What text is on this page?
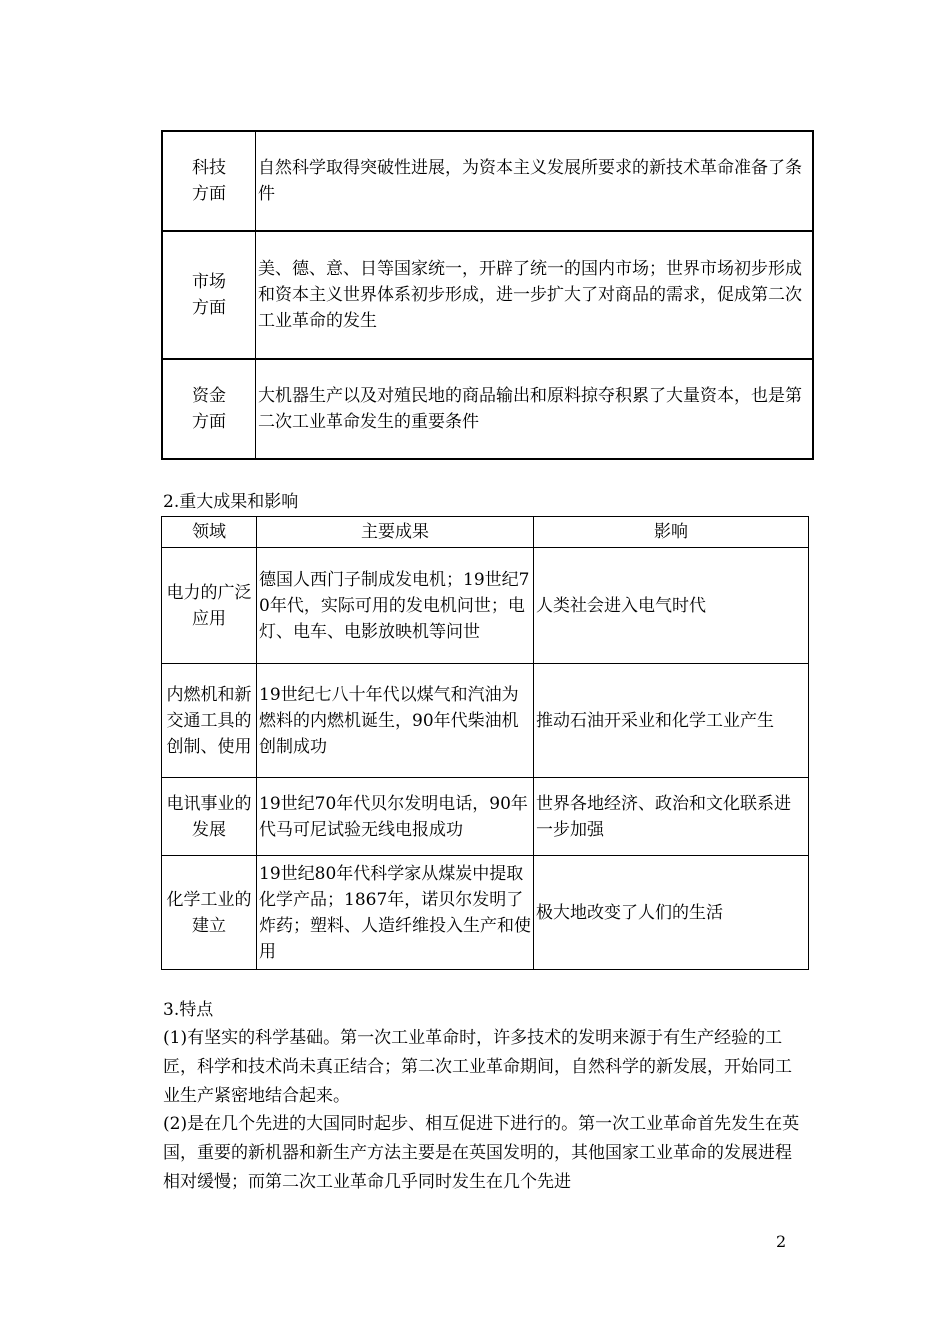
科技
方面	自然科学取得突破性进展，为资本主义发展所要求的新技术革命准备了条件
市场
方面	美、德、意、日等国家统一，开辟了统一的国内市场；世界市场初步形成和资本主义世界体系初步形成，进一步扩大了对商品的需求，促成第二次工业革命的发生
资金
方面	大机器生产以及对殖民地的商品输出和原料掠夺积累了大量资本，也是第二次工业革命发生的重要条件
2.重大成果和影响
领域	主要成果	影响
电力的广泛应用	德国人西门子制成发电机；19世纪70年代，实际可用的发电机问世；电灯、电车、电影放映机等问世	人类社会进入电气时代
内燃机和新交通工具的创制、使用	19世纪七八十年代以煤气和汽油为燃料的内燃机诞生，90年代柴油机创制成功	推动石油开采业和化学工业产生
电讯事业的发展	19世纪70年代贝尔发明电话，90年代马可尼试验无线电报成功	世界各地经济、政治和文化联系进一步加强
化学工业的建立	19世纪80年代科学家从煤炭中提取化学产品；1867年，诺贝尔发明了炸药；塑料、人造纤维投入生产和使用	极大地改变了人们的生活
3.特点
(1)有坚实的科学基础。第一次工业革命时，许多技术的发明来源于有生产经验的工匠，科学和技术尚未真正结合；第二次工业革命期间，自然科学的新发展，开始同工业生产紧密地结合起来。
(2)是在几个先进的大国同时起步、相互促进下进行的。第一次工业革命首先发生在英国，重要的新机器和新生产方法主要是在英国发明的，其他国家工业革命的发展进程相对缓慢；而第二次工业革命几乎同时发生在几个先进
2
